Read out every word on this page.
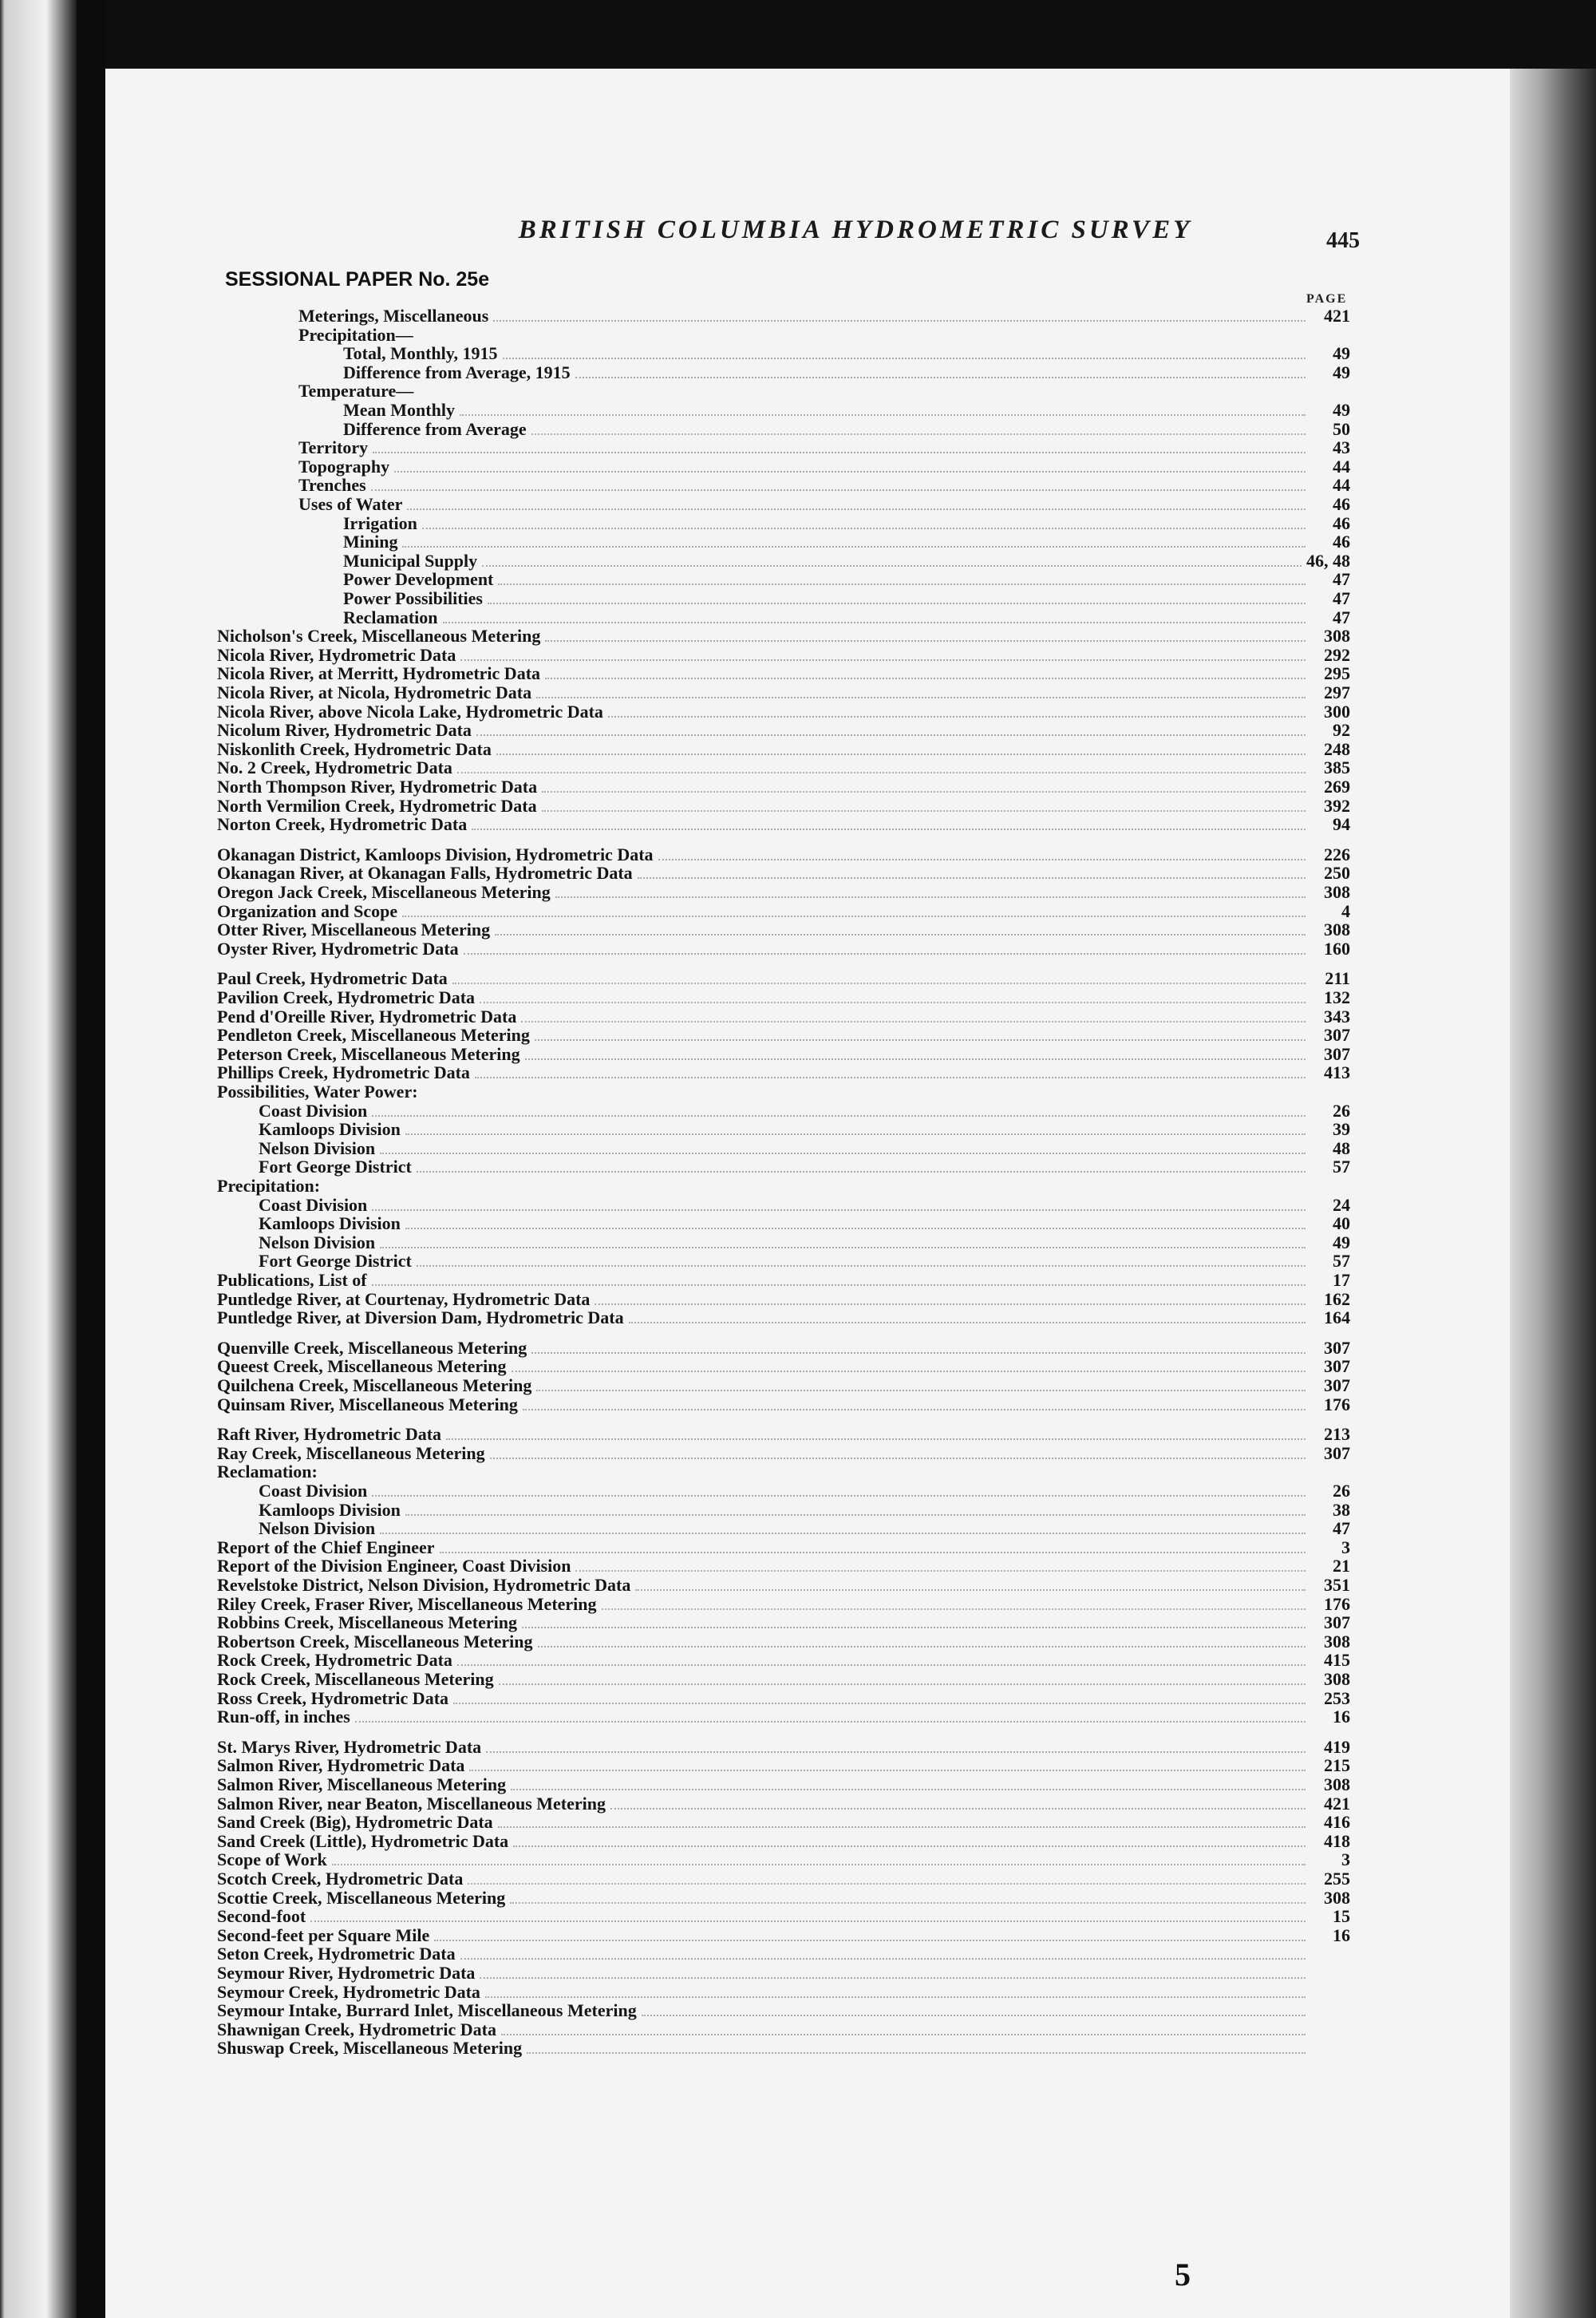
BRITISH COLUMBIA HYDROMETRIC SURVEY	445
SESSIONAL PAPER No. 25e
PAGE
Meterings, Miscellaneous	421
Precipitation—
Total, Monthly, 1915	49
Difference from Average, 1915	49
Temperature—
Mean Monthly	49
Difference from Average	50
Territory	43
Topography	44
Trenches	44
Uses of Water	46
Irrigation	46
Mining	46
Municipal Supply	46, 48
Power Development	47
Power Possibilities	47
Reclamation	47
Nicholson's Creek, Miscellaneous Metering	308
Nicola River, Hydrometric Data	292
Nicola River, at Merritt, Hydrometric Data	295
Nicola River, at Nicola, Hydrometric Data	297
Nicola River, above Nicola Lake, Hydrometric Data	300
Nicolum River, Hydrometric Data	92
Niskonlith Creek, Hydrometric Data	248
No. 2 Creek, Hydrometric Data	385
North Thompson River, Hydrometric Data	269
North Vermilion Creek, Hydrometric Data	392
Norton Creek, Hydrometric Data	94
Okanagan District, Kamloops Division, Hydrometric Data	226
Okanagan River, at Okanagan Falls, Hydrometric Data	250
Oregon Jack Creek, Miscellaneous Metering	308
Organization and Scope	4
Otter River, Miscellaneous Metering	308
Oyster River, Hydrometric Data	160
Paul Creek, Hydrometric Data	211
Pavilion Creek, Hydrometric Data	132
Pend d'Oreille River, Hydrometric Data	343
Pendleton Creek, Miscellaneous Metering	307
Peterson Creek, Miscellaneous Metering	307
Phillips Creek, Hydrometric Data	413
Possibilities, Water Power:
Coast Division	26
Kamloops Division	39
Nelson Division	48
Fort George District	57
Precipitation:
Coast Division	24
Kamloops Division	40
Nelson Division	49
Fort George District	57
Publications, List of	17
Puntledge River, at Courtenay, Hydrometric Data	162
Puntledge River, at Diversion Dam, Hydrometric Data	164
Quenville Creek, Miscellaneous Metering	307
Queest Creek, Miscellaneous Metering	307
Quilchena Creek, Miscellaneous Metering	307
Quinsam River, Miscellaneous Metering	176
Raft River, Hydrometric Data	213
Ray Creek, Miscellaneous Metering	307
Reclamation:
Coast Division	26
Kamloops Division	38
Nelson Division	47
Report of the Chief Engineer	3
Report of the Division Engineer, Coast Division	21
Revelstoke District, Nelson Division, Hydrometric Data	351
Riley Creek, Fraser River, Miscellaneous Metering	176
Robbins Creek, Miscellaneous Metering	307
Robertson Creek, Miscellaneous Metering	308
Rock Creek, Hydrometric Data	415
Rock Creek, Miscellaneous Metering	308
Ross Creek, Hydrometric Data	253
Run-off, in inches	16
St. Marys River, Hydrometric Data	419
Salmon River, Hydrometric Data	215
Salmon River, Miscellaneous Metering	308
Salmon River, near Beaton, Miscellaneous Metering	421
Sand Creek (Big), Hydrometric Data	416
Sand Creek (Little), Hydrometric Data	418
Scope of Work	3
Scotch Creek, Hydrometric Data	255
Scottie Creek, Miscellaneous Metering	308
Second-foot	15
Second-feet per Square Mile	16
Seton Creek, Hydrometric Data
Seymour River, Hydrometric Data
Seymour Creek, Hydrometric Data
Seymour Intake, Burrard Inlet, Miscellaneous Metering
Shawnigan Creek, Hydrometric Data
Shuswap Creek, Miscellaneous Metering
5
